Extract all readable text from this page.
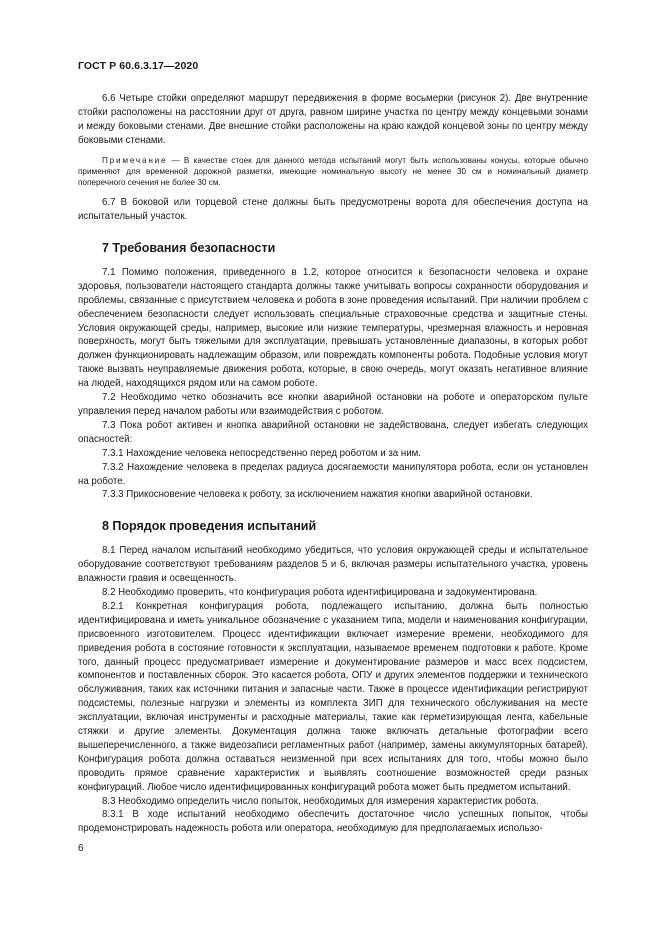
ГОСТ Р 60.6.3.17—2020

6.6 Четыре стойки определяют маршрут передвижения в форме восьмерки (рисунок 2). Две внутренние стойки расположены на расстоянии друг от друга, равном ширине участка по центру между концевыми зонами и между боковыми стенами. Две внешние стойки расположены на краю каждой концевой зоны по центру между боковыми стенами.

Примечание — В качестве стоек для данного метода испытаний могут быть использованы конусы, которые обычно применяют для временной дорожной разметки, имеющие номинальную высоту не менее 30 см и номинальный диаметр поперечного сечения не более 30 см.

6.7 В боковой или торцевой стене должны быть предусмотрены ворота для обеспечения доступа на испытательный участок.

7 Требования безопасности

7.1 Помимо положения, приведенного в 1.2, которое относится к безопасности человека и охране здоровья, пользователи настоящего стандарта должны также учитывать вопросы сохранности оборудования и проблемы, связанные с присутствием человека и робота в зоне проведения испытаний. При наличии проблем с обеспечением безопасности следует использовать специальные страховочные средства и защитные стены. Условия окружающей среды, например, высокие или низкие температуры, чрезмерная влажность и неровная поверхность, могут быть тяжелыми для эксплуатации, превышать установленные диапазоны, в которых робот должен функционировать надлежащим образом, или повреждать компоненты робота. Подобные условия могут также вызвать неуправляемые движения робота, которые, в свою очередь, могут оказать негативное влияние на людей, находящихся рядом или на самом роботе.

7.2 Необходимо четко обозначить все кнопки аварийной остановки на роботе и операторском пульте управления перед началом работы или взаимодействия с роботом.

7.3 Пока робот активен и кнопка аварийной остановки не задействована, следует избегать следующих опасностей:

7.3.1 Нахождение человека непосредственно перед роботом и за ним.

7.3.2 Нахождение человека в пределах радиуса досягаемости манипулятора робота, если он установлен на роботе.

7.3.3 Прикосновение человека к роботу, за исключением нажатия кнопки аварийной остановки.

8 Порядок проведения испытаний

8.1 Перед началом испытаний необходимо убедиться, что условия окружающей среды и испытательное оборудование соответствуют требованиям разделов 5 и 6, включая размеры испытательного участка, уровень влажности гравия и освещенность.

8.2 Необходимо проверить, что конфигурация робота идентифицирована и задокументирована.

8.2.1 Конкретная конфигурация робота, подлежащего испытанию, должна быть полностью идентифицирована и иметь уникальное обозначение с указанием типа, модели и наименования конфигурации, присвоенного изготовителем. Процесс идентификации включает измерение времени, необходимого для приведения робота в состояние готовности к эксплуатации, называемое временем подготовки к работе. Кроме того, данный процесс предусматривает измерение и документирование размеров и масс всех подсистем, компонентов и поставленных сборок. Это касается робота, ОПУ и других элементов поддержки и технического обслуживания, таких как источники питания и запасные части. Также в процессе идентификации регистрируют подсистемы, полезные нагрузки и элементы из комплекта ЗИП для технического обслуживания на месте эксплуатации, включая инструменты и расходные материалы, такие как герметизирующая лента, кабельные стяжки и другие элементы. Документация должна также включать детальные фотографии всего вышеперечисленного, а также видеозаписи регламентных работ (например, замены аккумуляторных батарей). Конфигурация робота должна оставаться неизменной при всех испытаниях для того, чтобы можно было проводить прямое сравнение характеристик и выявлять соотношение возможностей среди разных конфигураций. Любое число идентифицированных конфигураций робота может быть предметом испытаний.

8.3 Необходимо определить число попыток, необходимых для измерения характеристик робота.

8.3.1 В ходе испытаний необходимо обеспечить достаточное число успешных попыток, чтобы продемонстрировать надежность робота или оператора, необходимую для предполагаемых использо-

6
